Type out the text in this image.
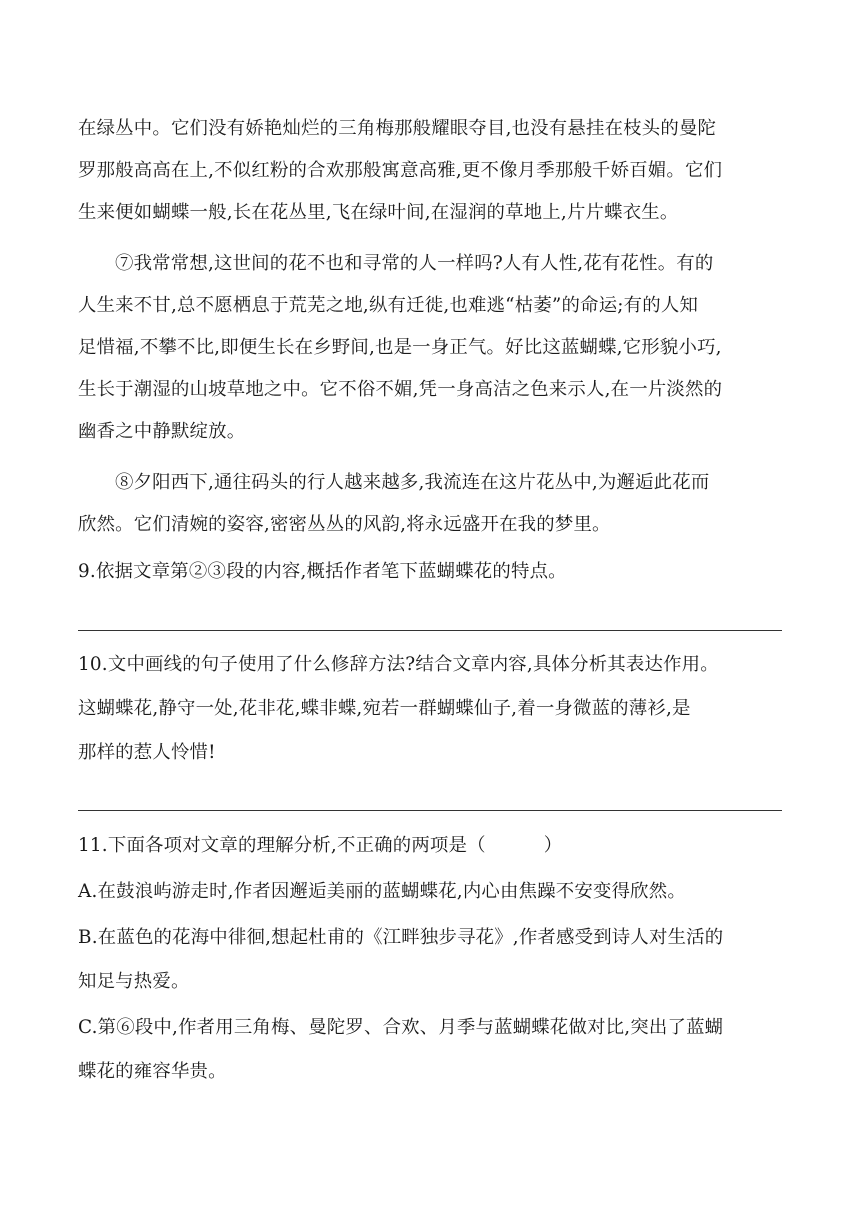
在绿丛中。它们没有娇艳灿烂的三角梅那般耀眼夺目,也没有悬挂在枝头的曼陀
罗那般高高在上,不似红粉的合欢那般寓意高雅,更不像月季那般千娇百媚。它们
生来便如蝴蝶一般,长在花丛里,飞在绿叶间,在湿润的草地上,片片蝶衣生。
⑦我常常想,这世间的花不也和寻常的人一样吗?人有人性,花有花性。有的
人生来不甘,总不愿栖息于荒芜之地,纵有迁徙,也难逃“枯萎”的命运;有的人知
足惜福,不攀不比,即便生长在乡野间,也是一身正气。好比这蓝蝴蝶,它形貌小巧,
生长于潮湿的山坡草地之中。它不俗不媚,凭一身高洁之色来示人,在一片淡然的
幽香之中静默绽放。
⑧夕阳西下,通往码头的行人越来越多,我流连在这片花丛中,为邂逅此花而
欣然。它们清婉的姿容,密密丛丛的风韵,将永远盛开在我的梦里。
9.依据文章第②③段的内容,概括作者笔下蓝蝴蝶花的特点。
10.文中画线的句子使用了什么修辞方法?结合文章内容,具体分析其表达作用。
这蝴蝶花,静守一处,花非花,蝶非蝶,宛若一群蝴蝶仙子,着一身微蓝的薄衫,是
那样的惹人怜惜!
11.下面各项对文章的理解分析,不正确的两项是（	）
A.在鼓浪屿游走时,作者因邂逅美丽的蓝蝴蝶花,内心由焦躁不安变得欣然。
B.在蓝色的花海中徘徊,想起杜甫的《江畔独步寻花》,作者感受到诗人对生活的
知足与热爱。
C.第⑥段中,作者用三角梅、曼陀罗、合欢、月季与蓝蝴蝶花做对比,突出了蓝蝴
蝶花的雍容华贵。
